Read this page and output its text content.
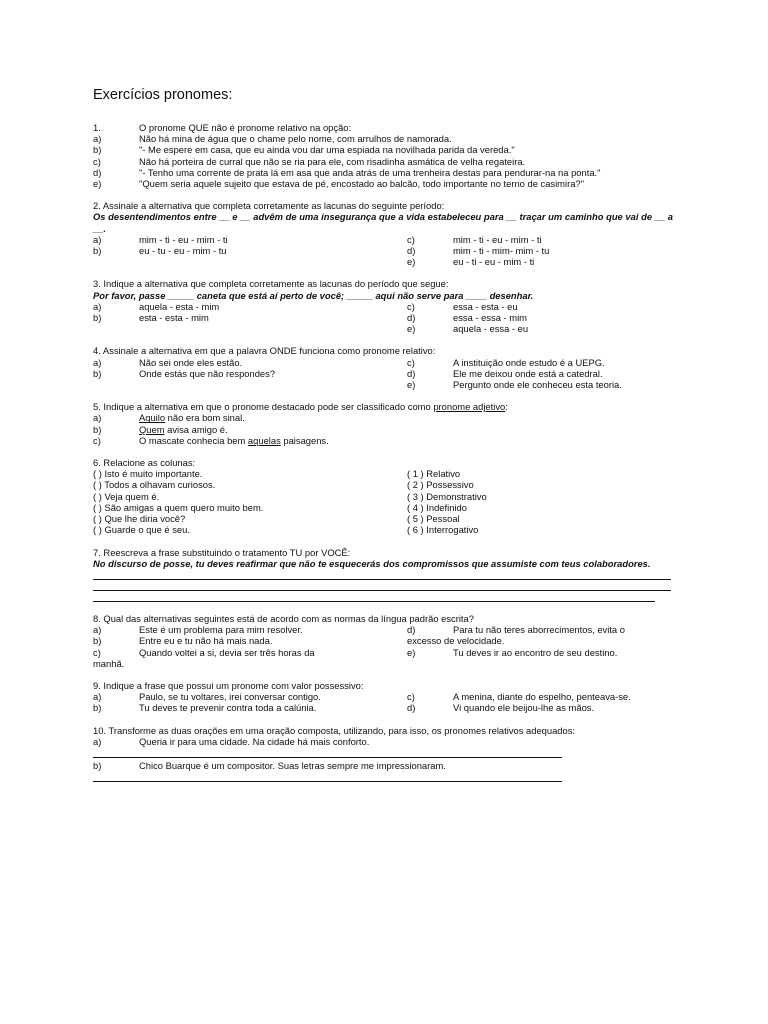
Exercícios pronomes:
1.	O pronome QUE não é pronome relativo na opção:
a)	Não há mina de água que o chame pelo nome, com arrulhos de namorada.
b)	"- Me espere em casa, que eu ainda vou dar uma espiada na novilhada parida da vereda."
c)	Não há porteira de curral que não se ria para ele, com risadinha asmática de velha regateira.
d)	"- Tenho uma corrente de prata lá em asa que anda atrás de uma trenheira destas para pendurar-na na ponta."
e)	"Quem seria aquele sujeito que estava de pé, encostado ao balcão, todo importante no terno de casimira?"
2. Assinale a alternativa que completa corretamente as lacunas do seguinte período:
Os desentendimentos entre __ e __ advêm de uma insegurança que a vida estabeleceu para __ traçar um caminho que vai de __ a __.
a)	mim - ti - eu - mim - ti	c)	mim - ti - eu - mim - ti
b)	eu - tu - eu - mim - tu	d)	mim - ti - mim- mim - tu
e)	eu - ti - eu - mim - ti
3. Indique a alternativa que completa corretamente as lacunas do período que segue:
Por favor, passe _____ caneta que está aí perto de você; _____ aqui não serve para ____ desenhar.
a)	aquela - esta - mim	c)	essa - esta - eu
b)	esta - esta - mim	d)	essa - essa - mim
e)	aquela - essa - eu
4. Assinale a alternativa em que a palavra ONDE funciona como pronome relativo:
a)	Não sei onde eles estão.	c)	A instituição onde estudo é a UEPG.
b)	Onde estás que não respondes?	d)	Ele me deixou onde está a catedral.
e)	Pergunto onde ele conheceu esta teoria.
5. Indique a alternativa em que o pronome destacado pode ser classificado como pronome adjetivo:
a)	Aquilo não era bom sinal.
b)	Quem avisa amigo é.
c)	O mascate conhecia bem aquelas paisagens.
6. Relacione as colunas:
( ) Isto é muito importante.	( 1 ) Relativo
( ) Todos a olhavam curiosos.	( 2 ) Possessivo
( ) Veja quem é.	( 3 ) Demonstrativo
( ) São amigas a quem quero muito bem.	( 4 ) Indefinido
( ) Que lhe diria você?	( 5 ) Pessoal
( ) Guarde o que é seu.	( 6 ) Interrogativo
7. Reescreva a frase substituindo o tratamento TU por VOCÊ:
No discurso de posse, tu deves reafirmar que não te esquecerás dos compromissos que assumiste com teus colaboradores.
8. Qual das alternativas seguintes está de acordo com as normas da língua padrão escrita?
a)	Este é um problema para mim resolver.	d)	Para tu não teres aborrecimentos, evita o
b)	Entre eu e tu não há mais nada.	excesso de velocidade.
c)	Quando voltei a si, devia ser três horas da	e)	Tu deves ir ao encontro de seu destino.
manhã.
9. Indique a frase que possui um pronome com valor possessivo:
a)	Paulo, se tu voltares, irei conversar contigo.	c)	A menina, diante do espelho, penteava-se.
b)	Tu deves te prevenir contra toda a calúnia.	d)	Vi quando ele beijou-lhe as mãos.
10. Transforme as duas orações em uma oração composta, utilizando, para isso, os pronomes relativos adequados:
a)	Queria ir para uma cidade. Na cidade há mais conforto.
b)	Chico Buarque é um compositor. Suas letras sempre me impressionaram.
